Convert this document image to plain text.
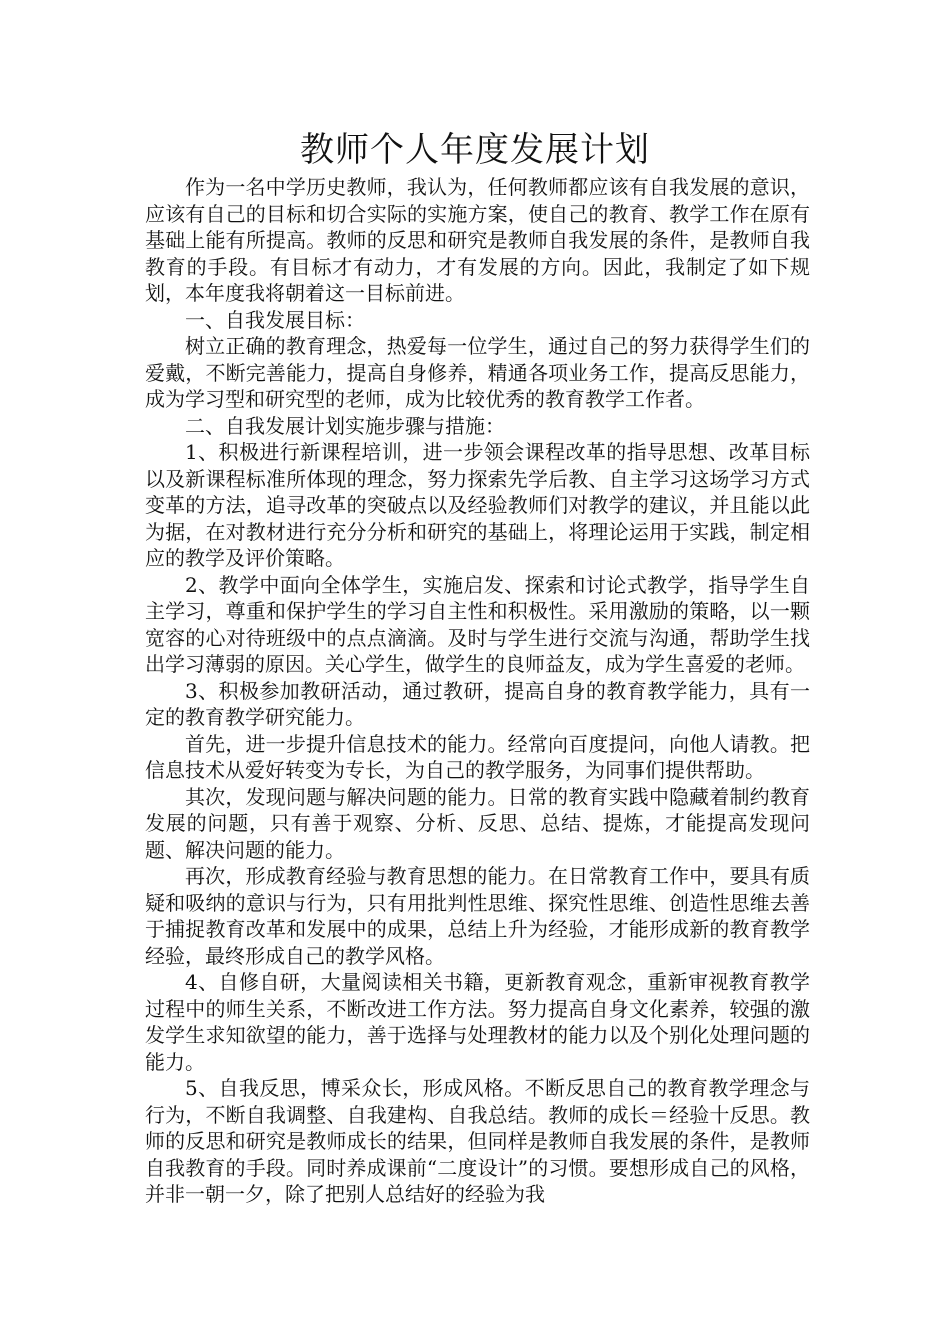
教师个人年度发展计划

作为一名中学历史教师，我认为，任何教师都应该有自我发展的意识，应该有自己的目标和切合实际的实施方案，使自己的教育、教学工作在原有基础上能有所提高。教师的反思和研究是教师自我发展的条件，是教师自我教育的手段。有目标才有动力，才有发展的方向。因此，我制定了如下规划，本年度我将朝着这一目标前进。

一、自我发展目标：

树立正确的教育理念，热爱每一位学生，通过自己的努力获得学生们的爱戴，不断完善能力，提高自身修养，精通各项业务工作，提高反思能力，成为学习型和研究型的老师，成为比较优秀的教育教学工作者。

二、自我发展计划实施步骤与措施：

1、积极进行新课程培训，进一步领会课程改革的指导思想、改革目标以及新课程标准所体现的理念，努力探索先学后教、自主学习这场学习方式变革的方法，追寻改革的突破点以及经验教师们对教学的建议，并且能以此为据，在对教材进行充分分析和研究的基础上，将理论运用于实践，制定相应的教学及评价策略。

2、教学中面向全体学生，实施启发、探索和讨论式教学，指导学生自主学习，尊重和保护学生的学习自主性和积极性。采用激励的策略，以一颗宽容的心对待班级中的点点滴滴。及时与学生进行交流与沟通，帮助学生找出学习薄弱的原因。关心学生，做学生的良师益友，成为学生喜爱的老师。

3、积极参加教研活动，通过教研，提高自身的教育教学能力，具有一定的教育教学研究能力。

首先，进一步提升信息技术的能力。经常向百度提问，向他人请教。把信息技术从爱好转变为专长，为自己的教学服务，为同事们提供帮助。

其次，发现问题与解决问题的能力。日常的教育实践中隐藏着制约教育发展的问题，只有善于观察、分析、反思、总结、提炼，才能提高发现问题、解决问题的能力。

再次，形成教育经验与教育思想的能力。在日常教育工作中，要具有质疑和吸纳的意识与行为，只有用批判性思维、探究性思维、创造性思维去善于捕捉教育改革和发展中的成果，总结上升为经验，才能形成新的教育教学经验，最终形成自己的教学风格。

4、自修自研，大量阅读相关书籍，更新教育观念，重新审视教育教学过程中的师生关系，不断改进工作方法。努力提高自身文化素养，较强的激发学生求知欲望的能力，善于选择与处理教材的能力以及个别化处理问题的能力。

5、自我反思，博采众长，形成风格。不断反思自己的教育教学理念与行为，不断自我调整、自我建构、自我总结。教师的成长＝经验十反思。教师的反思和研究是教师成长的结果，但同样是教师自我发展的条件，是教师自我教育的手段。同时养成课前“二度设计”的习惯。要想形成自己的风格，并非一朝一夕，除了把别人总结好的经验为我
